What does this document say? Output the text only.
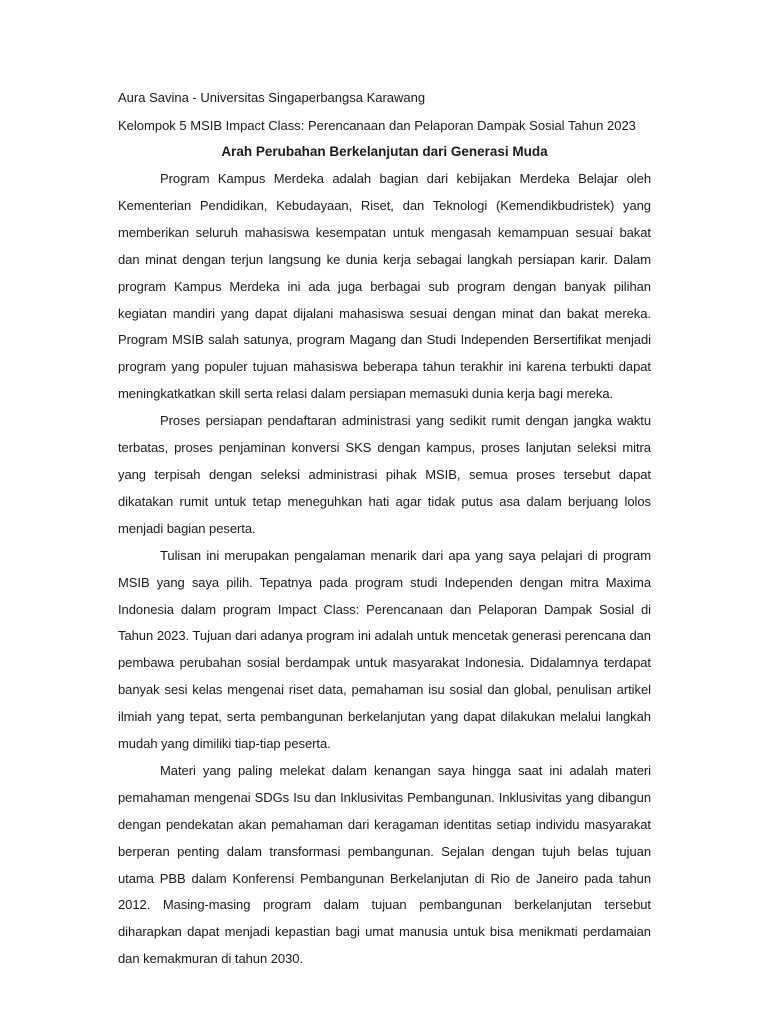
Aura Savina - Universitas Singaperbangsa Karawang

Kelompok 5 MSIB Impact Class: Perencanaan dan Pelaporan Dampak Sosial Tahun 2023

Arah Perubahan Berkelanjutan dari Generasi Muda

Program Kampus Merdeka adalah bagian dari kebijakan Merdeka Belajar oleh Kementerian Pendidikan, Kebudayaan, Riset, dan Teknologi (Kemendikbudristek) yang memberikan seluruh mahasiswa kesempatan untuk mengasah kemampuan sesuai bakat dan minat dengan terjun langsung ke dunia kerja sebagai langkah persiapan karir. Dalam program Kampus Merdeka ini ada juga berbagai sub program dengan banyak pilihan kegiatan mandiri yang dapat dijalani mahasiswa sesuai dengan minat dan bakat mereka. Program MSIB salah satunya, program Magang dan Studi Independen Bersertifikat menjadi program yang populer tujuan mahasiswa beberapa tahun terakhir ini karena terbukti dapat meningkatkatkan skill serta relasi dalam persiapan memasuki dunia kerja bagi mereka.

Proses persiapan pendaftaran administrasi yang sedikit rumit dengan jangka waktu terbatas, proses penjaminan konversi SKS dengan kampus, proses lanjutan seleksi mitra yang terpisah dengan seleksi administrasi pihak MSIB, semua proses tersebut dapat dikatakan rumit untuk tetap meneguhkan hati agar tidak putus asa dalam berjuang lolos menjadi bagian peserta.

Tulisan ini merupakan pengalaman menarik dari apa yang saya pelajari di program MSIB yang saya pilih. Tepatnya pada program studi Independen dengan mitra Maxima Indonesia dalam program Impact Class: Perencanaan dan Pelaporan Dampak Sosial di Tahun 2023. Tujuan dari adanya program ini adalah untuk mencetak generasi perencana dan pembawa perubahan sosial berdampak untuk masyarakat Indonesia. Didalamnya terdapat banyak sesi kelas mengenai riset data, pemahaman isu sosial dan global, penulisan artikel ilmiah yang tepat, serta pembangunan berkelanjutan yang dapat dilakukan melalui langkah mudah yang dimiliki tiap-tiap peserta.

Materi yang paling melekat dalam kenangan saya hingga saat ini adalah materi pemahaman mengenai SDGs Isu dan Inklusivitas Pembangunan. Inklusivitas yang dibangun dengan pendekatan akan pemahaman dari keragaman identitas setiap individu masyarakat berperan penting dalam transformasi pembangunan. Sejalan dengan tujuh belas tujuan utama PBB dalam Konferensi Pembangunan Berkelanjutan di Rio de Janeiro pada tahun 2012. Masing-masing program dalam tujuan pembangunan berkelanjutan tersebut diharapkan dapat menjadi kepastian bagi umat manusia untuk bisa menikmati perdamaian dan kemakmuran di tahun 2030.
